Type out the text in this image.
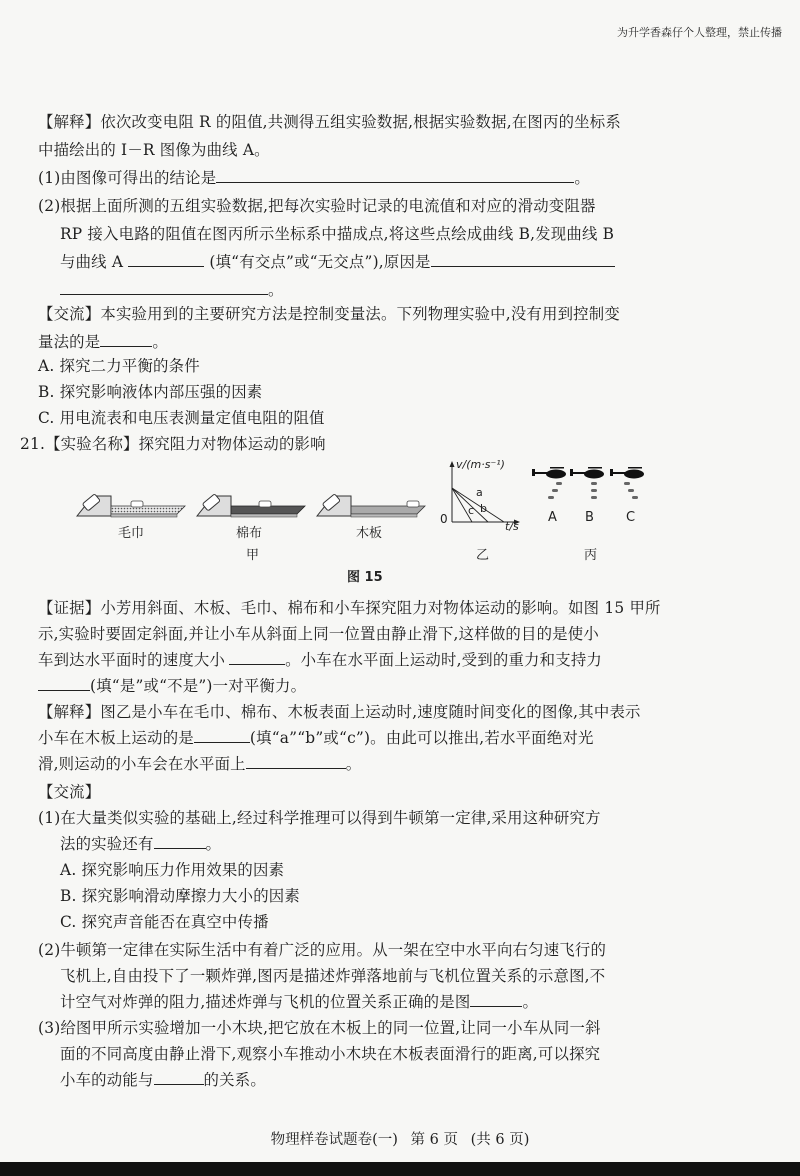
为升学香森仔个人整理，禁止传播
【解释】依次改变电阻 R 的阻值,共测得五组实验数据,根据实验数据,在图丙的坐标系
中描绘出的 I－R 图像为曲线 A。
(1)由图像可得出的结论是	。
(2)根据上面所测的五组实验数据,把每次实验时记录的电流值和对应的滑动变阻器
RP 接入电路的阻值在图丙所示坐标系中描成点,将这些点绘成曲线 B,发现曲线 B
与曲线 A	(填“有交点”或“无交点”),原因是
。
【交流】本实验用到的主要研究方法是控制变量法。下列物理实验中,没有用到控制变
量法的是	。
A. 探究二力平衡的条件
B. 探究影响液体内部压强的因素
C. 用电流表和电压表测量定值电阻的阻值
21.【实验名称】探究阻力对物体运动的影响
毛巾	棉布	木板
甲
v/(m·s⁻¹)
0
t/s
a
b
c
乙
A B C
丙
图 15
【证据】小芳用斜面、木板、毛巾、棉布和小车探究阻力对物体运动的影响。如图 15 甲所
示,实验时要固定斜面,并让小车从斜面上同一位置由静止滑下,这样做的目的是使小
车到达水平面时的速度大小	。小车在水平面上运动时,受到的重力和支持力
(填“是”或“不是”)一对平衡力。
【解释】图乙是小车在毛巾、棉布、木板表面上运动时,速度随时间变化的图像,其中表示
小车在木板上运动的是	(填“a”“b”或“c”)。由此可以推出,若水平面绝对光
滑,则运动的小车会在水平面上	。
【交流】
(1)在大量类似实验的基础上,经过科学推理可以得到牛顿第一定律,采用这种研究方
法的实验还有	。
A. 探究影响压力作用效果的因素
B. 探究影响滑动摩擦力大小的因素
C. 探究声音能否在真空中传播
(2)牛顿第一定律在实际生活中有着广泛的应用。从一架在空中水平向右匀速飞行的
飞机上,自由投下了一颗炸弹,图丙是描述炸弹落地前与飞机位置关系的示意图,不
计空气对炸弹的阻力,描述炸弹与飞机的位置关系正确的是图	。
(3)给图甲所示实验增加一小木块,把它放在木板上的同一位置,让同一小车从同一斜
面的不同高度由静止滑下,观察小车推动小木块在木板表面滑行的距离,可以探究
小车的动能与	的关系。
物理样卷试题卷(一) 第 6 页 (共 6 页)
